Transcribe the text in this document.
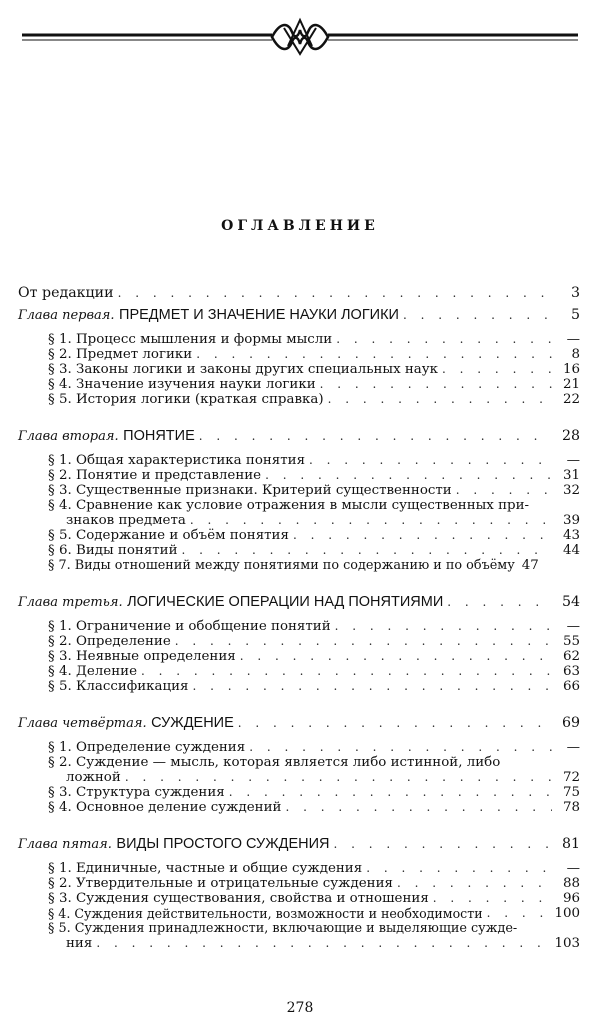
ОГЛАВЛЕНИЕ
От редакции . . .	3
Глава первая. ПРЕДМЕТ И ЗНАЧЕНИЕ НАУКИ ЛОГИКИ . . .	5
§ 1. Процесс мышления и формы мысли . . .	—
§ 2. Предмет логики . . .	8
§ 3. Законы логики и законы других специальных наук . . .	16
§ 4. Значение изучения науки логики . . .	21
§ 5. История логики (краткая справка) . . .	22
Глава вторая. ПОНЯТИЕ . . .	28
§ 1. Общая характеристика понятия . . .	—
§ 2. Понятие и представление . . .	31
§ 3. Существенные признаки. Критерий существенности . . .	32
§ 4. Сравнение как условие отражения в мысли существенных при-
знаков предмета . . .	39
§ 5. Содержание и объём понятия . . .	43
§ 6. Виды понятий . . .	44
§ 7. Виды отношений между понятиями по содержанию и по объёму 47
Глава третья. ЛОГИЧЕСКИЕ ОПЕРАЦИИ НАД ПОНЯТИЯМИ . . .	54
§ 1. Ограничение и обобщение понятий . . .	—
§ 2. Определение . . .	55
§ 3. Неявные определения . . .	62
§ 4. Деление . . .	63
§ 5. Классификация . . .	66
Глава четвёртая. СУЖДЕНИЕ . . .	69
§ 1. Определение суждения . . .	—
§ 2. Суждение — мысль, которая является либо истинной, либо
ложной . . .	72
§ 3. Структура суждения . . .	75
§ 4. Основное деление суждений . . .	78
Глава пятая. ВИДЫ ПРОСТОГО СУЖДЕНИЯ . . .	81
§ 1. Единичные, частные и общие суждения . . .	—
§ 2. Утвердительные и отрицательные суждения . . .	88
§ 3. Суждения существования, свойства и отношения . . .	96
§ 4. Суждения действительности, возможности и необходимости . . .	100
§ 5. Суждения принадлежности, включающие и выделяющие сужде-
ния . . .	103
278
